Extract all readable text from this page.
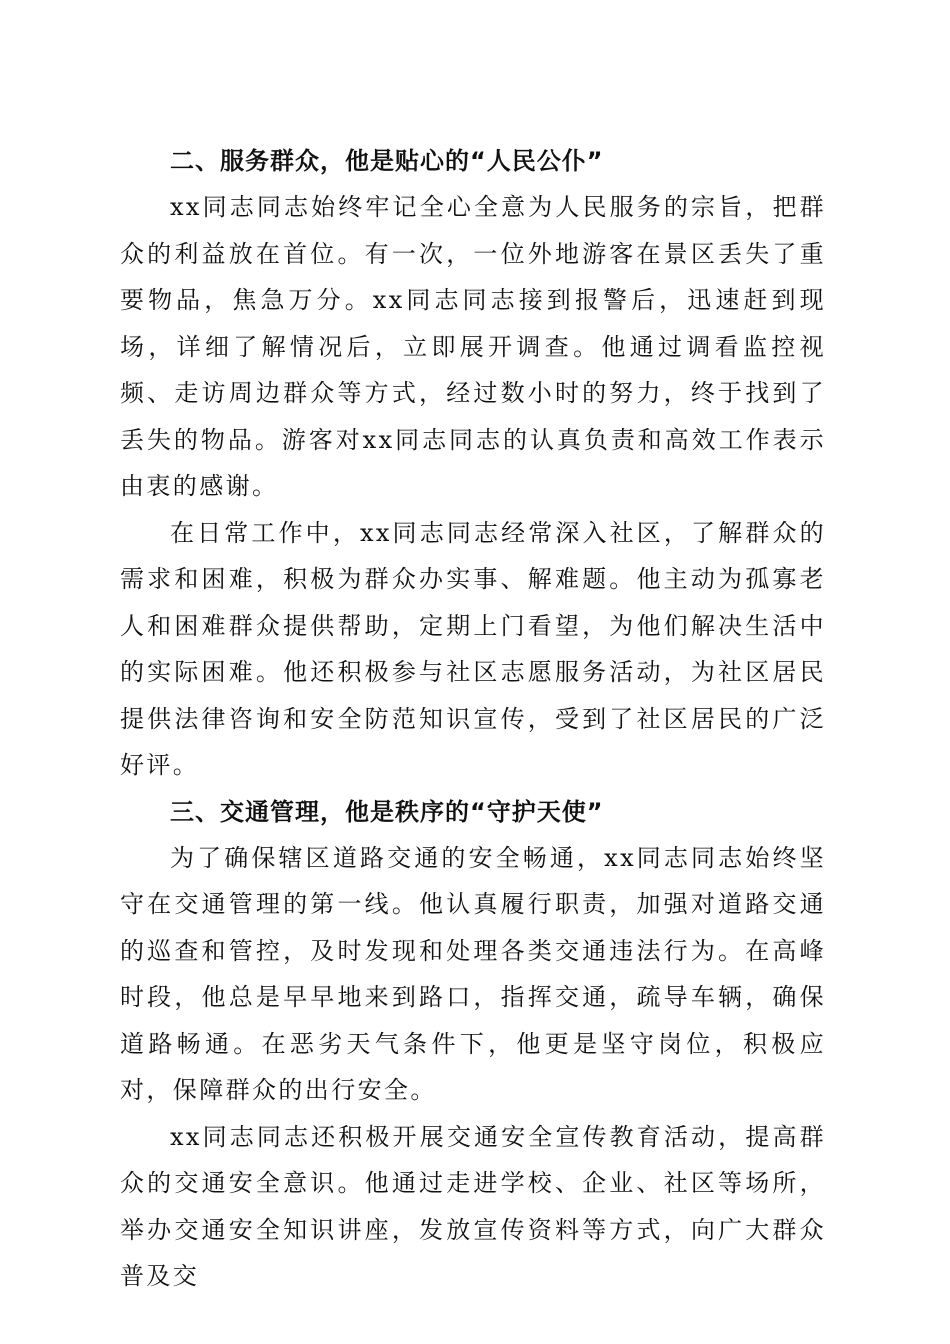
二、服务群众，他是贴心的“人民公仆”

xx同志同志始终牢记全心全意为人民服务的宗旨，把群众的利益放在首位。有一次，一位外地游客在景区丢失了重要物品，焦急万分。xx同志同志接到报警后，迅速赶到现场，详细了解情况后，立即展开调查。他通过调看监控视频、走访周边群众等方式，经过数小时的努力，终于找到了丢失的物品。游客对xx同志同志的认真负责和高效工作表示由衷的感谢。

在日常工作中，xx同志同志经常深入社区，了解群众的需求和困难，积极为群众办实事、解难题。他主动为孤寡老人和困难群众提供帮助，定期上门看望，为他们解决生活中的实际困难。他还积极参与社区志愿服务活动，为社区居民提供法律咨询和安全防范知识宣传，受到了社区居民的广泛好评。

三、交通管理，他是秩序的“守护天使”

为了确保辖区道路交通的安全畅通，xx同志同志始终坚守在交通管理的第一线。他认真履行职责，加强对道路交通的巡查和管控，及时发现和处理各类交通违法行为。在高峰时段，他总是早早地来到路口，指挥交通，疏导车辆，确保道路畅通。在恶劣天气条件下，他更是坚守岗位，积极应对，保障群众的出行安全。

xx同志同志还积极开展交通安全宣传教育活动，提高群众的交通安全意识。他通过走进学校、企业、社区等场所，举办交通安全知识讲座，发放宣传资料等方式，向广大群众普及交
